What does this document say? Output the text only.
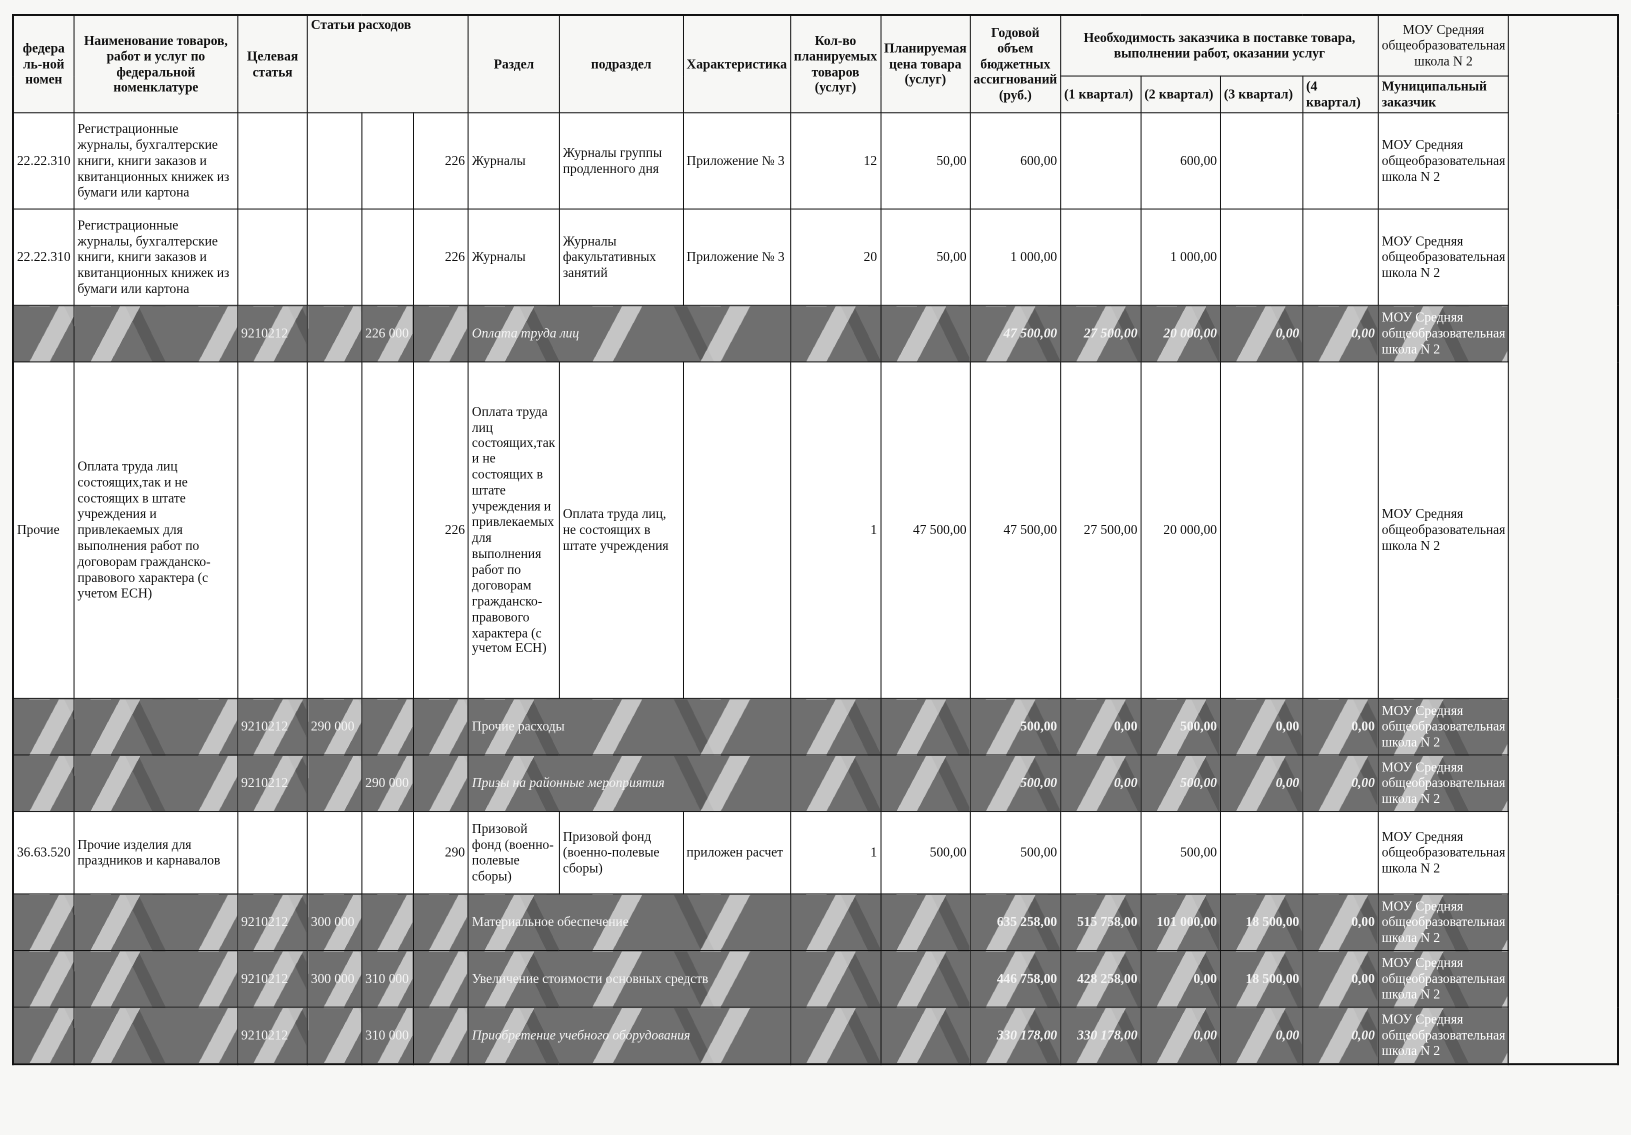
федера ль-ной номен	Наименование товаров, работ и услуг по федеральной номенклатуре	Целевая статья	Статьи расходов			Раздел	подраздел	Характеристика	Кол-во планируемых товаров (услуг)	Планируемая цена товара (услуг)	Годовой объем бюджетных ассигнований (руб.)	Необходимость заказчика в поставке товара, выполнении работ, оказании услуг				МОУ Средняя общеобразовательная школа N 2
												(1 квартал)	(2 квартал)	(3 квартал)	(4 квартал)	Муниципальный заказчик
22.22.310	Регистрационные журналы, бухгалтерские книги, книги заказов и квитанционных книжек из бумаги или картона				226	Журналы	Журналы группы продленного дня	Приложение № 3	12	50,00	600,00		600,00			МОУ Средняя общеобразовательная школа N 2
22.22.310	Регистрационные журналы, бухгалтерские книги, книги заказов и квитанционных книжек из бумаги или картона				226	Журналы	Журналы факультативных занятий	Приложение № 3	20	50,00	1 000,00		1 000,00			МОУ Средняя общеобразовательная школа N 2
		9210212		226 000		Оплата труда лиц					47 500,00	27 500,00	20 000,00	0,00	0,00	МОУ Средняя общеобразовательная школа N 2
Прочие	Оплата труда лиц состоящих,так и не состоящих в штате учреждения и привлекаемых для выполнения работ по договорам гражданско-правового характера (с учетом ЕСН)				226	Оплата труда лиц состоящих,так и не состоящих в штате учреждения и привлекаемых для выполнения работ по договорам гражданско-правового характера (с учетом ЕСН)	Оплата труда лиц, не состоящих в штате учреждения		1	47 500,00	47 500,00	27 500,00	20 000,00			МОУ Средняя общеобразовательная школа N 2
		9210212	290 000			Прочие расходы					500,00	0,00	500,00	0,00	0,00	МОУ Средняя общеобразовательная школа N 2
		9210212		290 000		Призы на районные мероприятия					500,00	0,00	500,00	0,00	0,00	МОУ Средняя общеобразовательная школа N 2
36.63.520	Прочие изделия для праздников и карнавалов				290	Призовой фонд (военно-полевые сборы)	Призовой фонд (военно-полевые сборы)	приложен расчет	1	500,00	500,00		500,00			МОУ Средняя общеобразовательная школа N 2
		9210212	300 000			Материальное обеспечение					635 258,00	515 758,00	101 000,00	18 500,00	0,00	МОУ Средняя общеобразовательная школа N 2
		9210212	300 000	310 000		Увеличение стоимости основных средств					446 758,00	428 258,00	0,00	18 500,00	0,00	МОУ Средняя общеобразовательная школа N 2
		9210212		310 000		Приобретение учебного оборудования					330 178,00	330 178,00	0,00	0,00	0,00	МОУ Средняя общеобразовательная школа N 2
